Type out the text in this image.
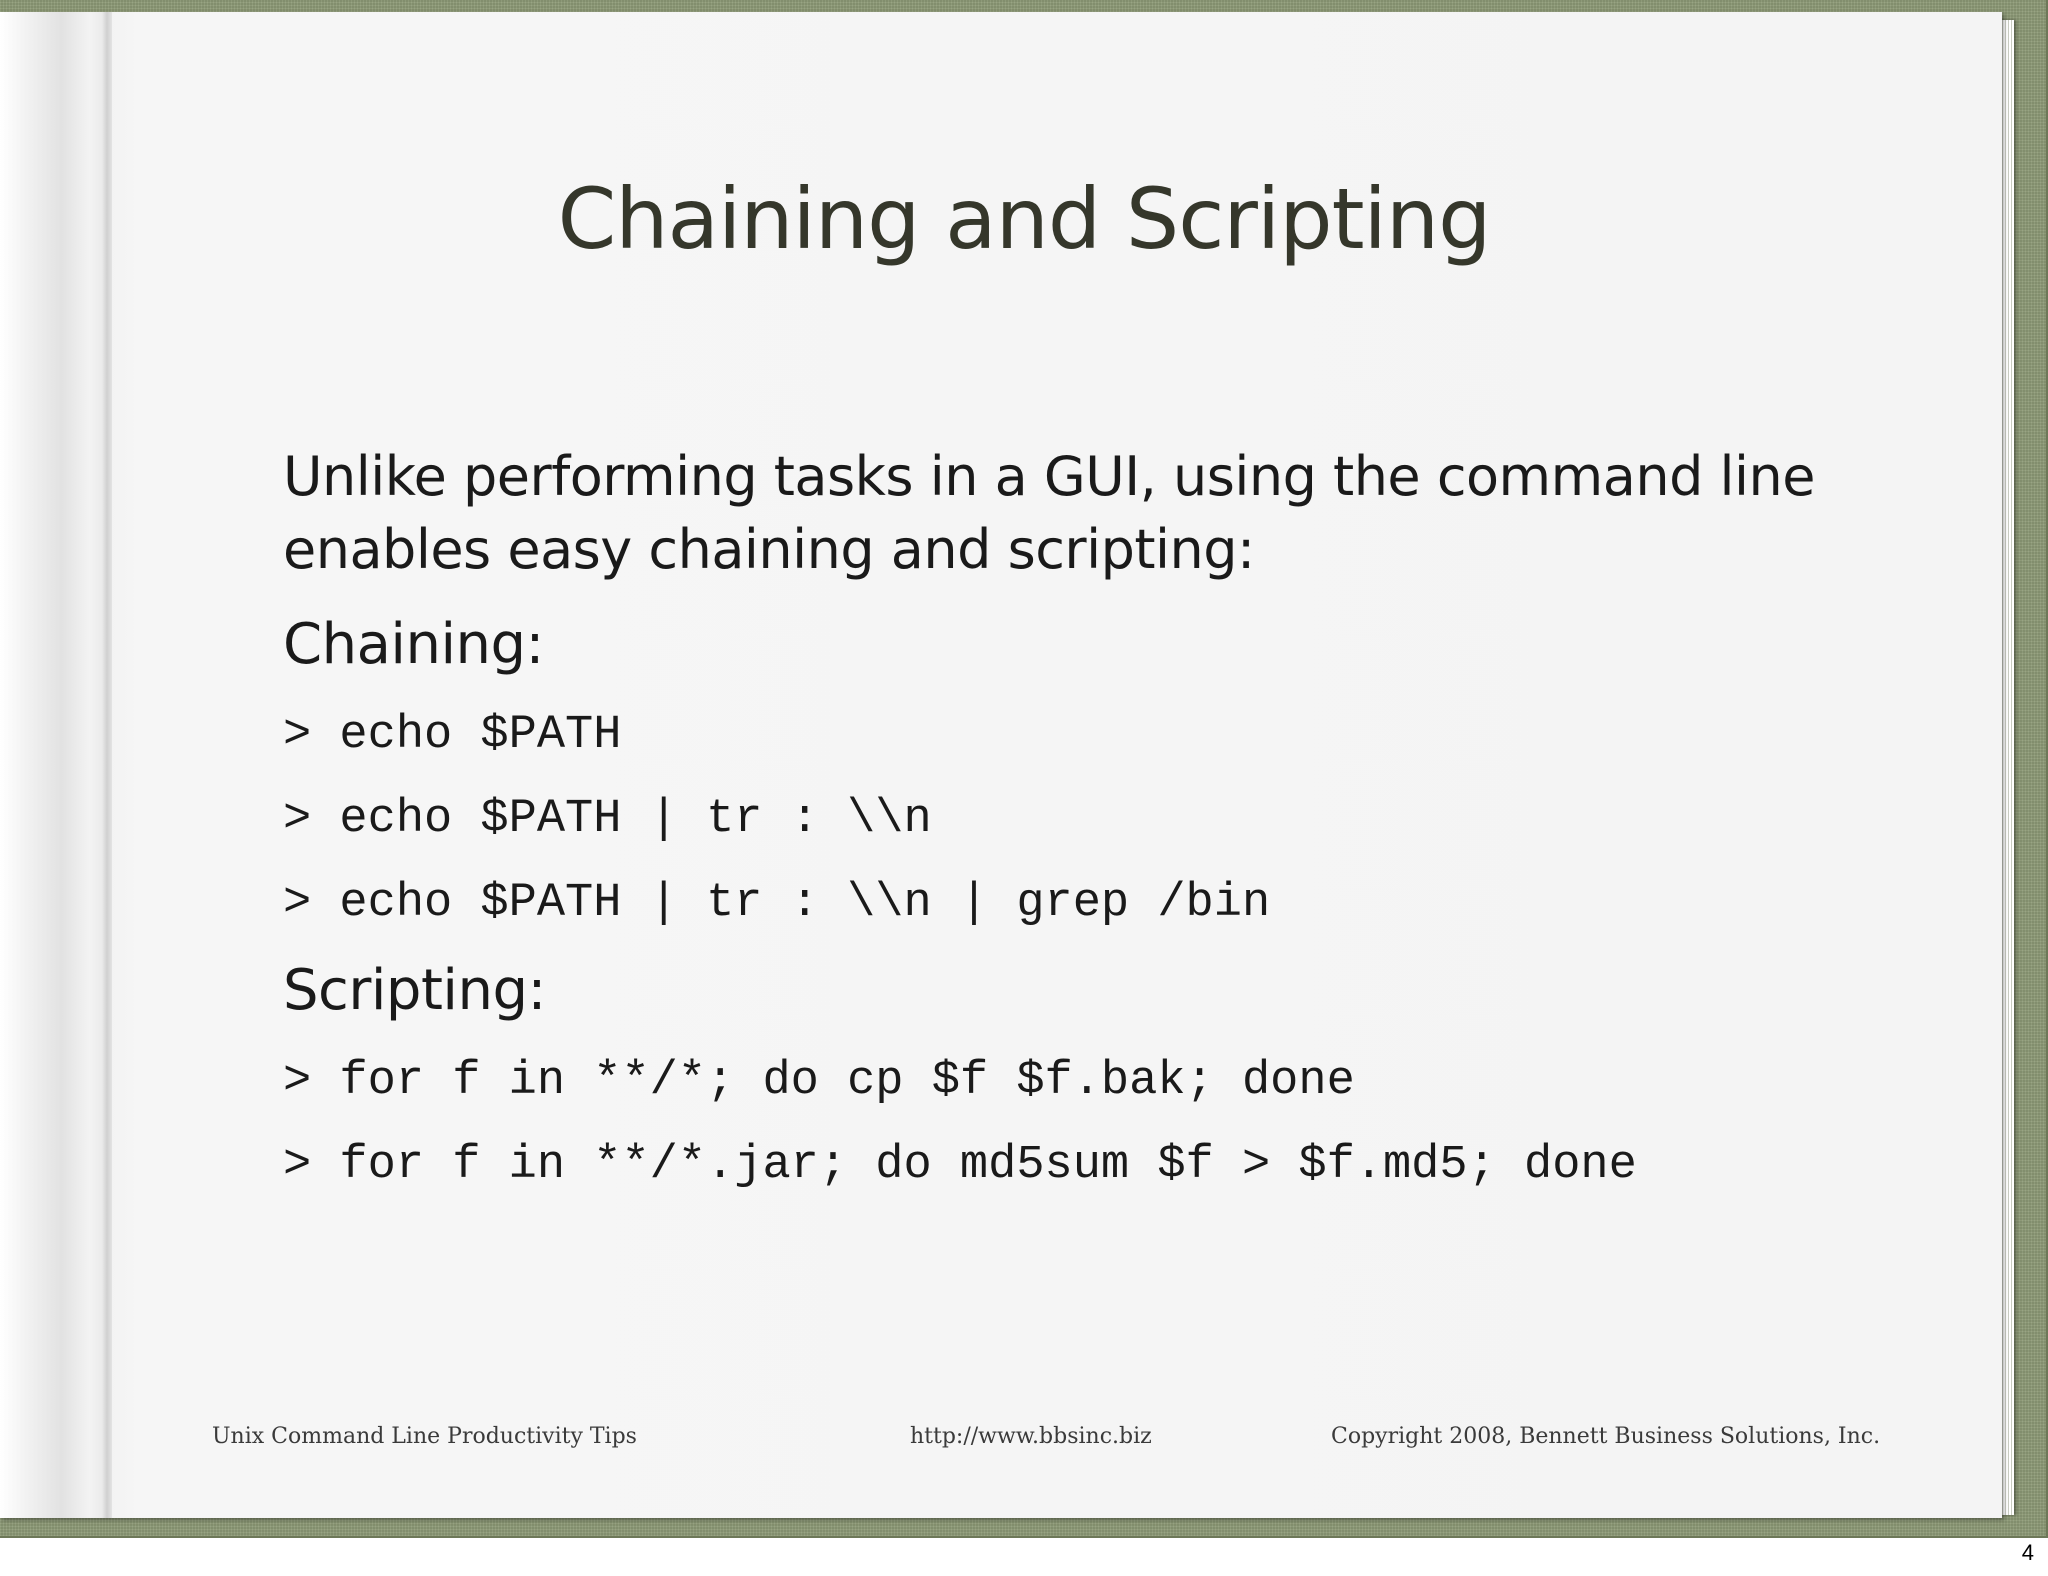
Chaining and Scripting

Unlike performing tasks in a GUI, using the command line enables easy chaining and scripting:

Chaining:

> echo $PATH

> echo $PATH | tr : \\n

> echo $PATH | tr : \\n | grep /bin

Scripting:

> for f in **/*; do cp $f $f.bak; done

> for f in **/*.jar; do md5sum $f > $f.md5; done

Unix Command Line Productivity Tips	http://www.bbsinc.biz	Copyright 2008, Bennett Business Solutions, Inc.
4
